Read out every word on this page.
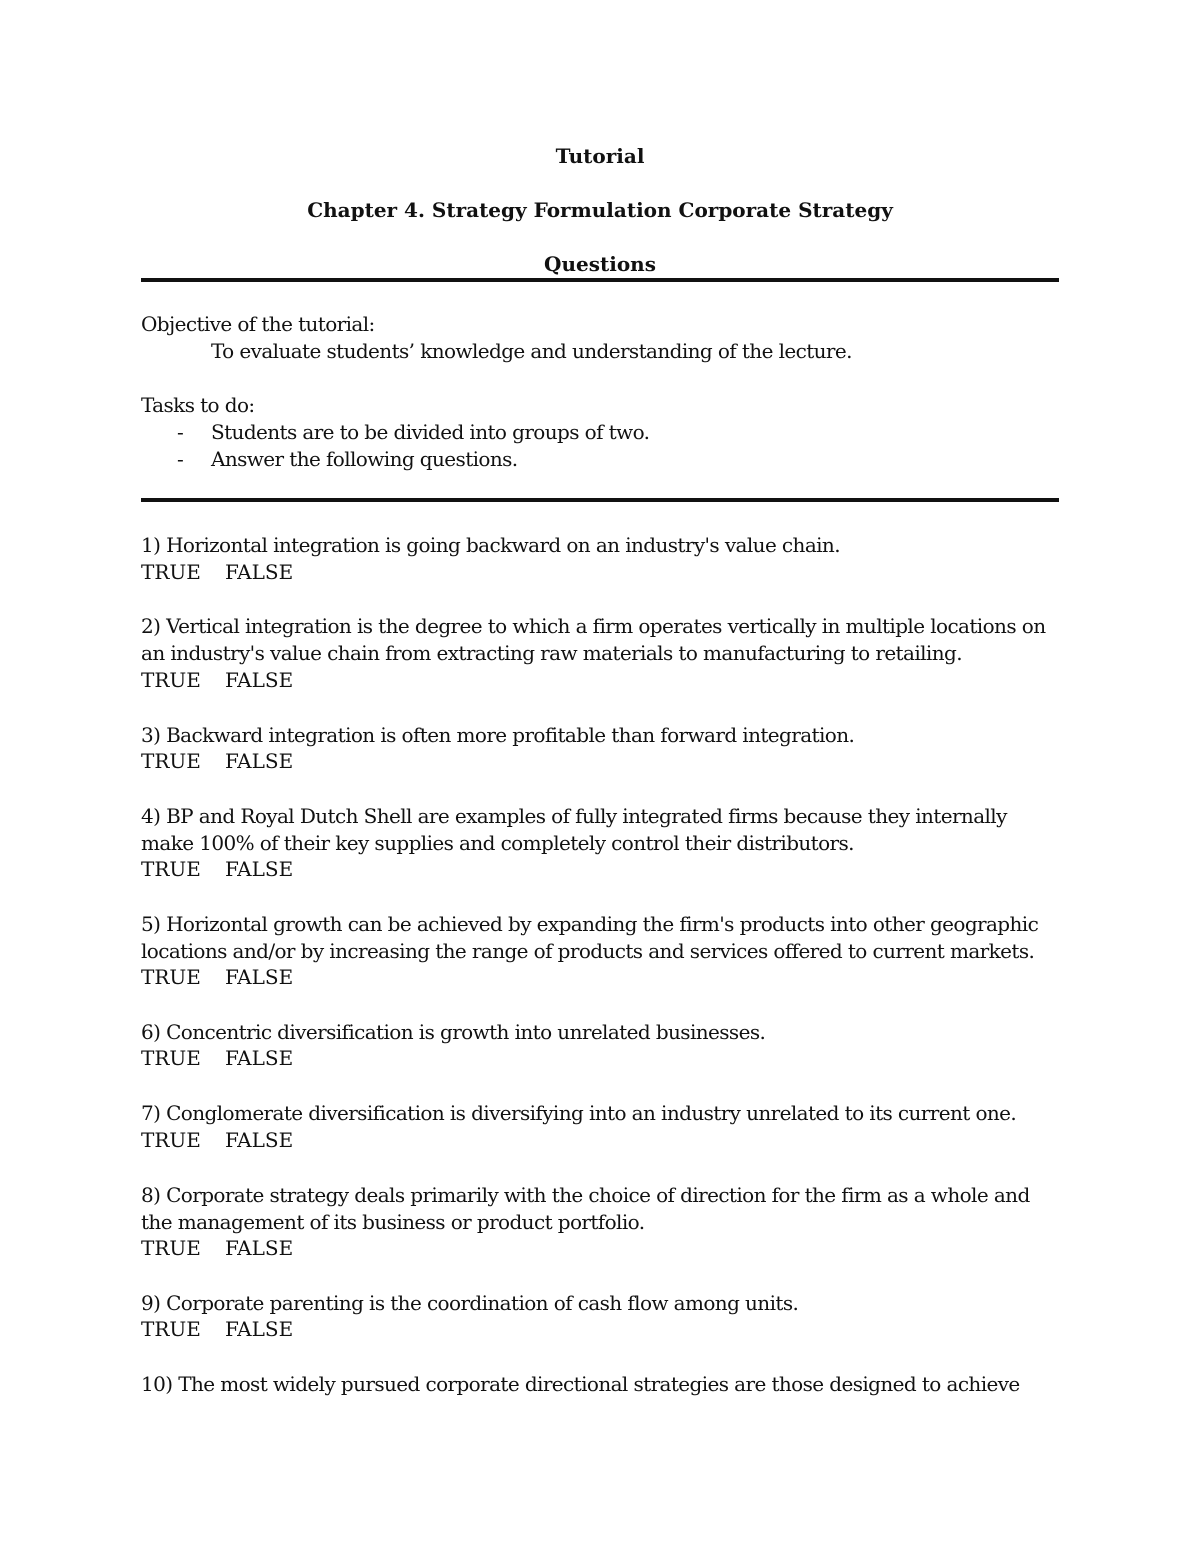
Tutorial
Chapter 4. Strategy Formulation Corporate Strategy
Questions
Objective of the tutorial:
To evaluate students’ knowledge and understanding of the lecture.
Tasks to do:
- Students are to be divided into groups of two.
- Answer the following questions.
1) Horizontal integration is going backward on an industry's value chain.
TRUE FALSE
2) Vertical integration is the degree to which a firm operates vertically in multiple locations on an industry's value chain from extracting raw materials to manufacturing to retailing.
TRUE FALSE
3) Backward integration is often more profitable than forward integration.
TRUE FALSE
4) BP and Royal Dutch Shell are examples of fully integrated firms because they internally make 100% of their key supplies and completely control their distributors.
TRUE FALSE
5) Horizontal growth can be achieved by expanding the firm's products into other geographic locations and/or by increasing the range of products and services offered to current markets.
TRUE FALSE
6) Concentric diversification is growth into unrelated businesses.
TRUE FALSE
7) Conglomerate diversification is diversifying into an industry unrelated to its current one.
TRUE FALSE
8) Corporate strategy deals primarily with the choice of direction for the firm as a whole and the management of its business or product portfolio.
TRUE FALSE
9) Corporate parenting is the coordination of cash flow among units.
TRUE FALSE
10) The most widely pursued corporate directional strategies are those designed to achieve
